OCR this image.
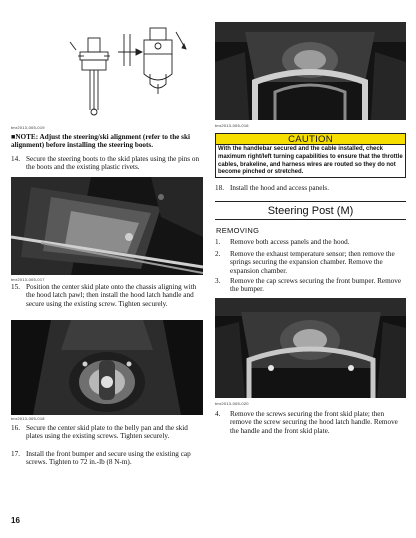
tmr2013-005-019
■NOTE: Adjust the steering/ski alignment (refer to the ski alignment) before installing the steering boots.
14. Secure the steering boots to the skid plates using the pins on the boots and the existing plastic rivets.
tmr2013-005-017
15. Position the center skid plate onto the chassis aligning with the hood latch pawl; then install the hood latch handle and secure using the existing screw. Tighten securely.
tmr2013-005-018
16. Secure the center skid plate to the belly pan and the skid plates using the existing screws. Tighten securely.
17. Install the front bumper and secure using the existing cap screws. Tighten to 72 in.-lb (8 N-m).
tmr2013-005-016
CAUTION
With the handlebar secured and the cable installed, check maximum right/left turning capabilities to ensure that the throttle cables, brakeline, and harness wires are routed so they do not become pinched or stretched.
18. Install the hood and access panels.
Steering Post (M)
REMOVING
1. Remove both access panels and the hood.
2. Remove the exhaust temperature sensor; then remove the springs securing the expansion chamber. Remove the expansion chamber.
3. Remove the cap screws securing the front bumper. Remove the bumper.
tmr2013-005-020
4. Remove the screws securing the front skid plate; then remove the screw securing the hood latch handle. Remove the handle and the front skid plate.
16
